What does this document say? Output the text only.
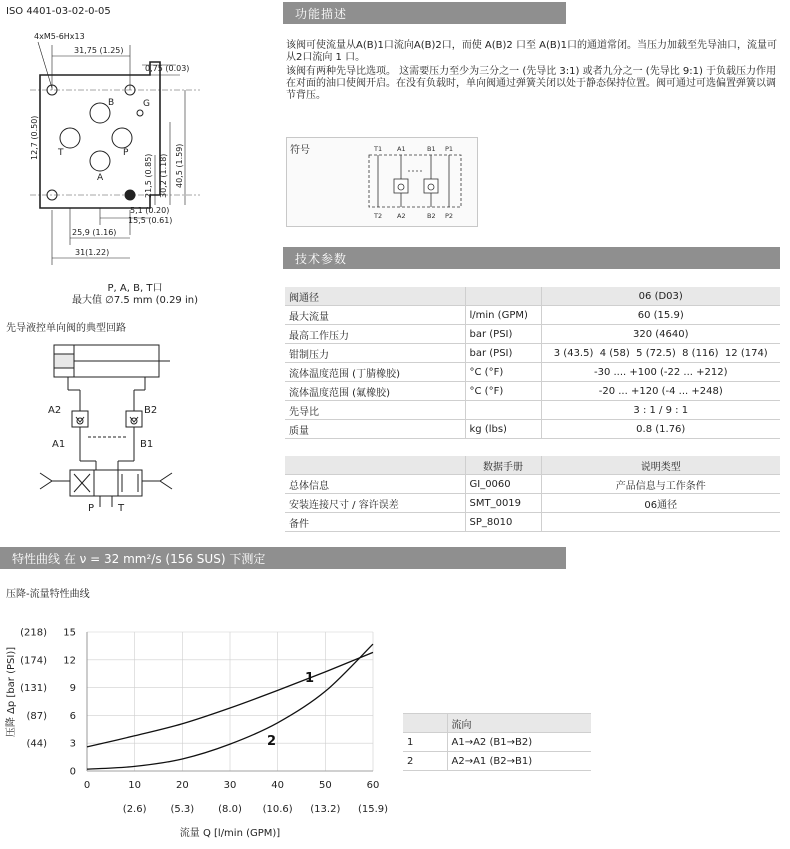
ISO 4401-03-02-0-05
4xM5-6Hx13
31,75 (1.25)
0,75 (0.03)
12,7 (0.50)
21,5 (0.85) 30,2 (1.18) 40,5 (1.59)
5,1 (0.20)
15,5 (0.61)
25,9 (1.16)
31(1.22)
B	G
T	P
A
P, A, B, T口
最大值 ∅7.5 mm (0.29 in)
先导液控单向阀的典型回路
A2	B2
A1	B1
P T
功能描述
该阀可使流量从A(B)1口流向A(B)2口，而使 A(B)2 口至 A(B)1口的通道常闭。当压力加载至先导油口，流量可从2口流向 1 口。
该阀有两种先导比选项。 这需要压力至少为三分之一 (先导比 3:1) 或者九分之一 (先导比 9:1) 于负载压力作用在对面的油口使阀开启。在没有负载时，单向阀通过弹簧关闭以处于静态保持位置。阀可通过可选偏置弹簧以调节背压。
符号	T1 A1	B1 P1
T2 A2	B2 P2
技术参数
阀通径		06 (D03)
最大流量	l/min (GPM)	60 (15.9)
最高工作压力	bar (PSI)	320 (4640)
钳制压力	bar (PSI)	3 (43.5)  4 (58)  5 (72.5)  8 (116)  12 (174)
流体温度范围 (丁腈橡胶)	°C (°F)	-30 .... +100 (-22 ... +212)
流体温度范围 (氟橡胶)	°C (°F)	-20 ... +120 (-4 ... +248)
先导比		3 : 1 / 9 : 1
质量	kg (lbs)	0.8 (1.76)
	数据手册	说明类型
总体信息	GI_0060	产品信息与工作条件
安装连接尺寸 / 容许误差	SMT_0019	06通径
备件	SP_8010	
特性曲线 在 ν = 32 mm²/s (156 SUS) 下测定
压降-流量特性曲线
0	10	20	30	40	50	60
(2.6) (5.3) (8.0) (10.6) (13.2) (15.9)
15
12
9
6
3
0
(218)
(174)
(131)
(87)
(44)
1
2
压降 Δp [bar (PSI)]
流量 Q [l/min (GPM)]
	流向
1	A1→A2 (B1→B2)
2	A2→A1 (B2→B1)
